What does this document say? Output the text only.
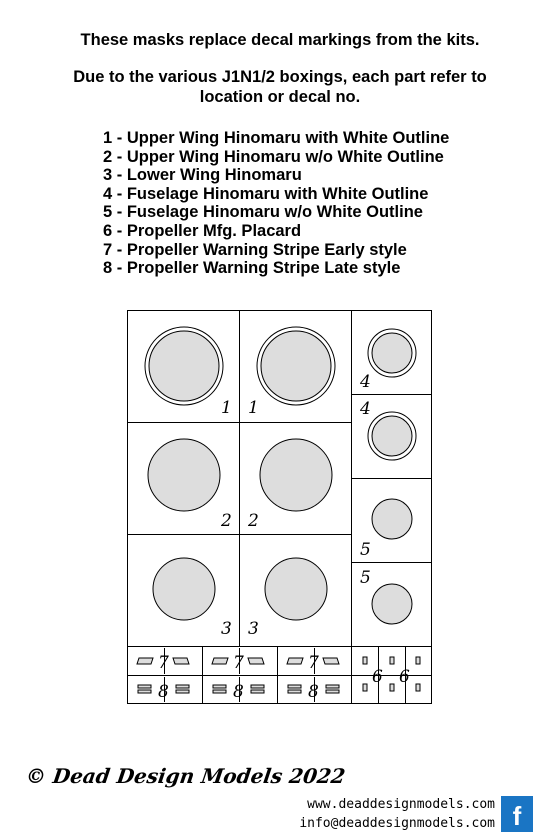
These masks replace decal markings from the kits.
Due to the various J1N1/2 boxings, each part refer to
location or decal no.
1 - Upper Wing Hinomaru with White Outline
2 - Upper Wing Hinomaru w/o White Outline
3 - Lower Wing Hinomaru
4 - Fuselage Hinomaru with White Outline
5 - Fuselage Hinomaru w/o White Outline
6 - Propeller Mfg. Placard
7 - Propeller Warning Stripe Early style
8 - Propeller Warning Stripe Late style
1 1
2 2
3 3
4
4
5
5
7	7	7
8	8	8
6 6
© Dead Design Models 2022
www.deaddesignmodels.com
info@deaddesignmodels.com f
